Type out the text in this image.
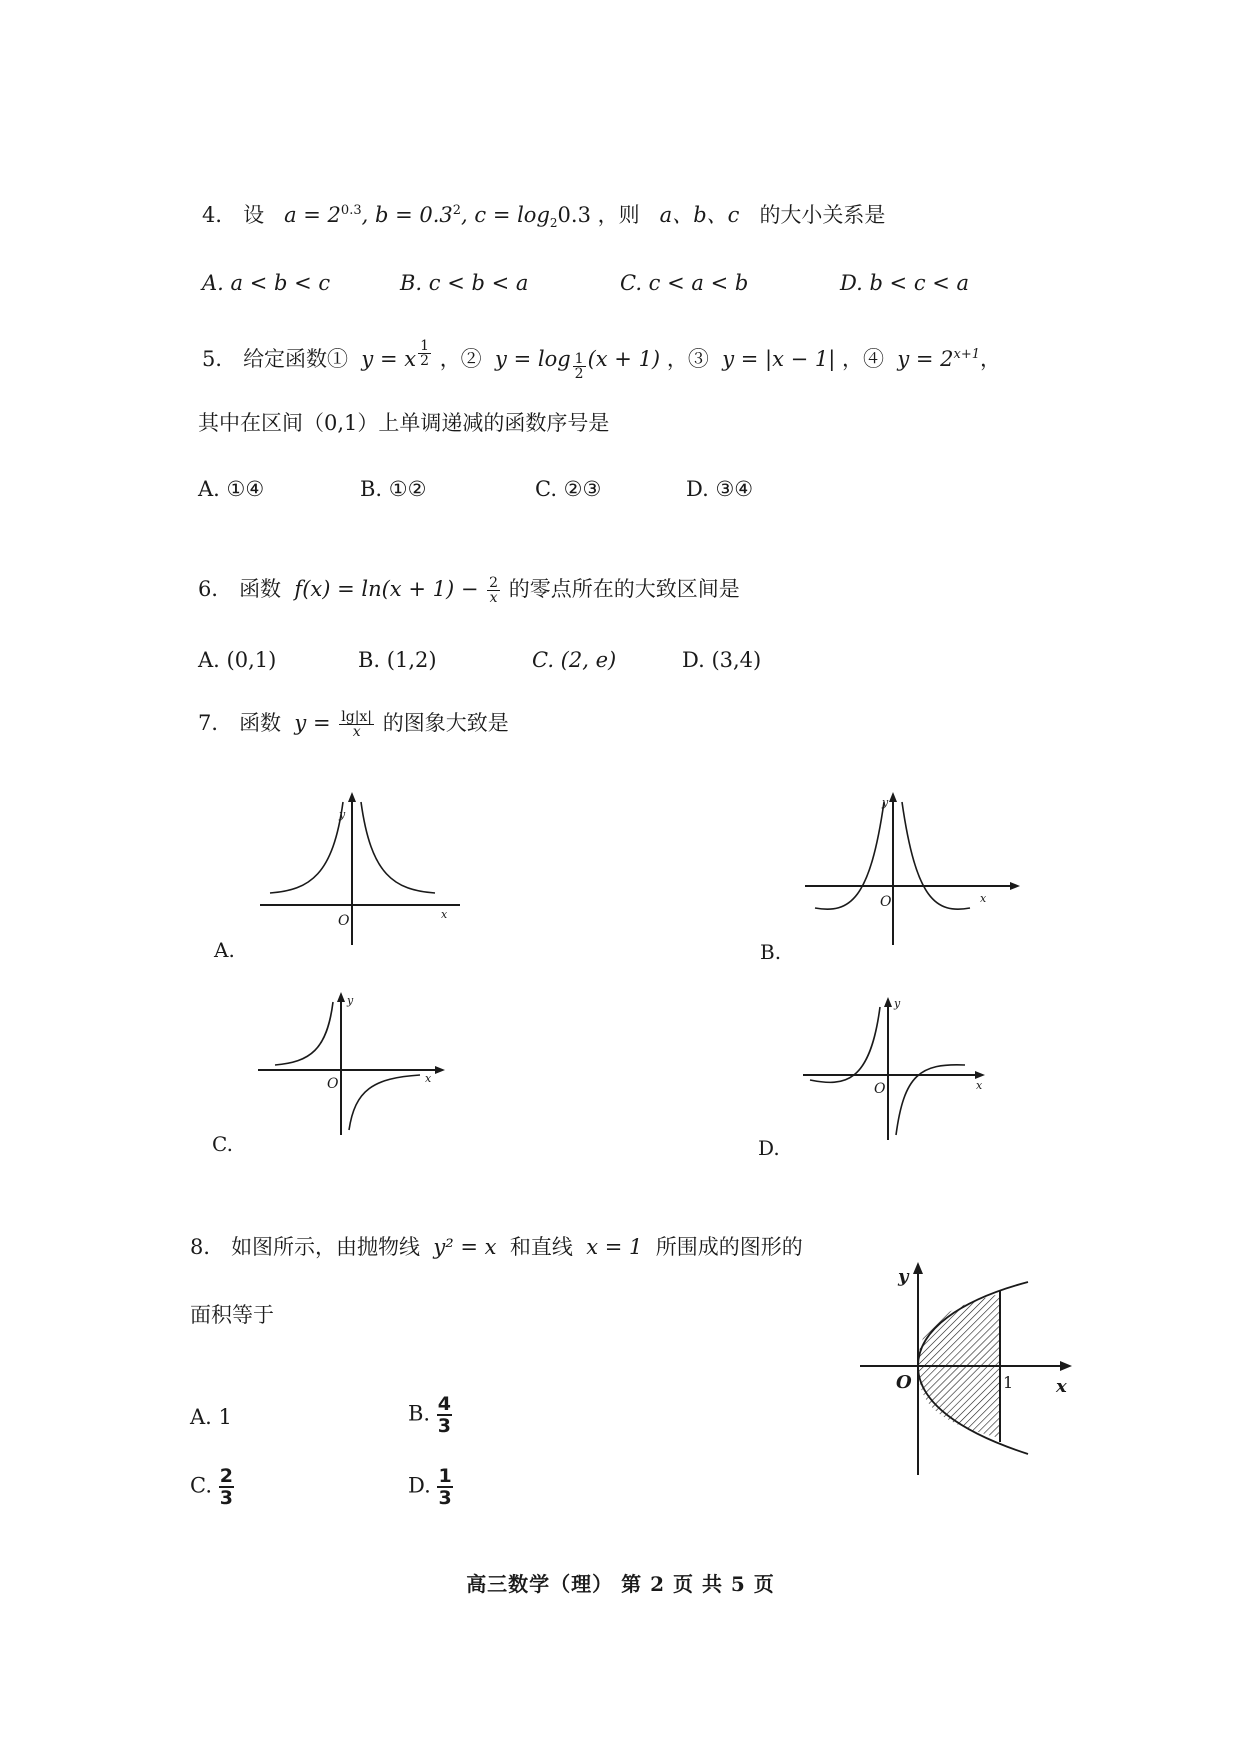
4． 设 $a = 2^{0.3}$, $b = 0.3^2$, $c = \log_20.3$ ，则 a、b、c 的大小关系是
A. a < b < c	B. c < b < a	C. c < a < b	D. b < c < a
5． 给定函数① y = x $^{\frac{1}{2}}$ ，② y = log $_{\frac{1}{2}}$ (x + 1) ，③ y = |x − 1| ，④ $y = 2^{x+1}$，
其中在区间（0,1）上单调递减的函数序号是
A. ①④	B. ①②	C. ②③	D. ③④
6． 函数 $f(x) = \ln(x + 1) - \frac{2}{x}$ 的零点所在的大致区间是
A. (0,1)	B. (1,2)	C. (2, e)	D. (3,4)
7． 函数 $y = \frac{\lg|x|}{x}$ 的图象大致是
O	x
y
A.
O	x
y
B.
O	x
y
C.
O	x
y
D.
8． 如图所示，由抛物线 y² = x 和直线 x = 1 所围成的图形的
面积等于
A. 1	B. $\frac{4}{3}$
C. $\frac{2}{3}$	D. $\frac{1}{3}$
y
x
O	1
高三数学（理） 第 2 页 共 5 页
